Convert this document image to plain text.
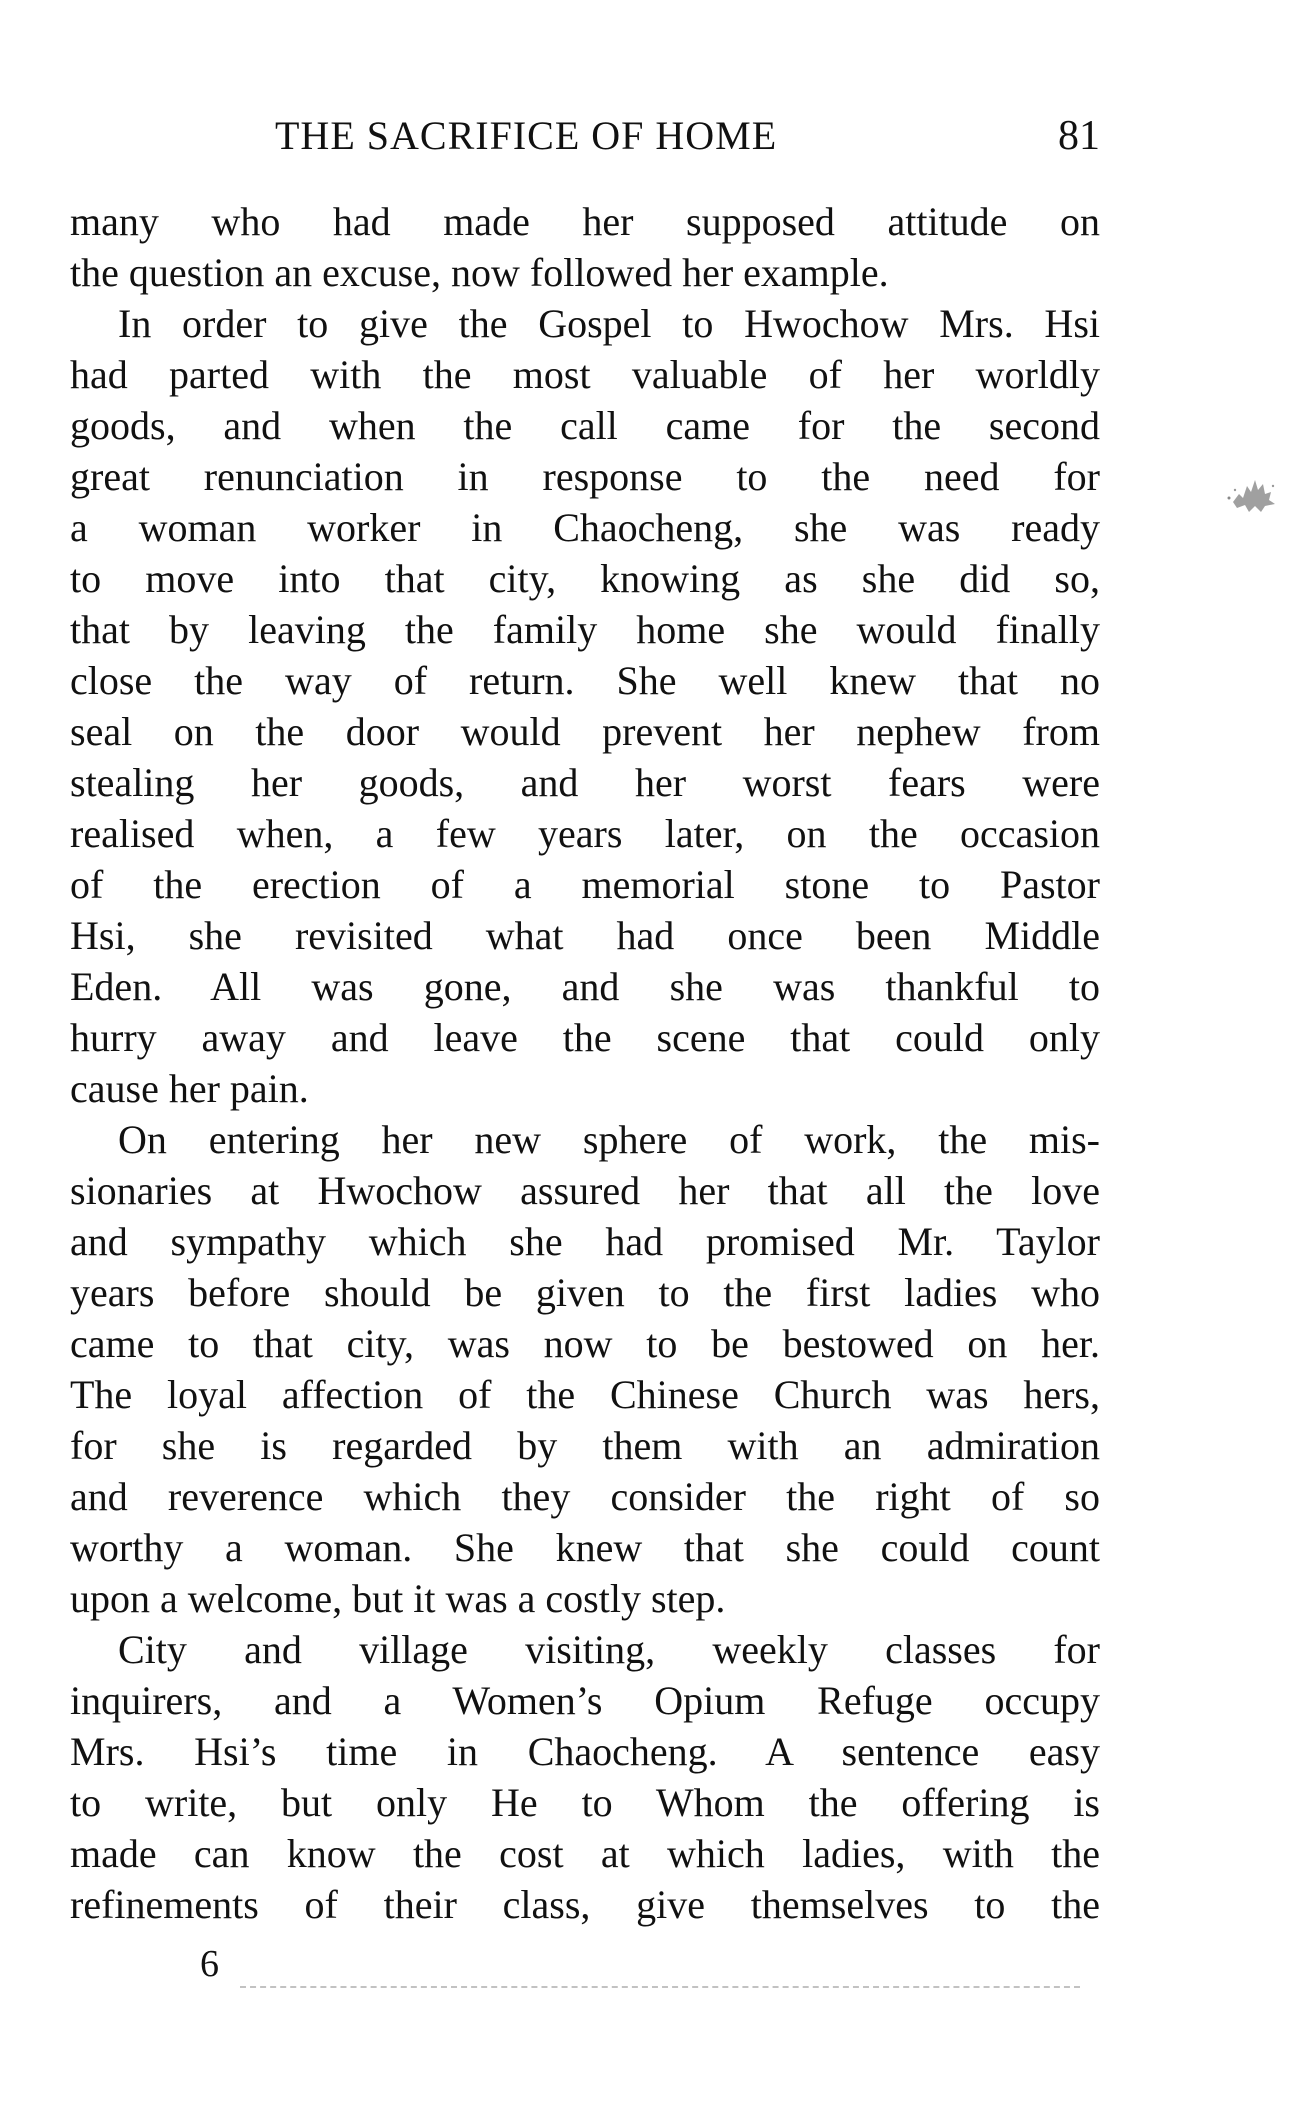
THE SACRIFICE OF HOME	81
many who had made her supposed attitude on
the question an excuse, now followed her example.
In order to give the Gospel to Hwochow Mrs. Hsi
had parted with the most valuable of her worldly
goods, and when the call came for the second
great renunciation in response to the need for
a woman worker in Chaocheng, she was ready
to move into that city, knowing as she did so,
that by leaving the family home she would finally
close the way of return. She well knew that no
seal on the door would prevent her nephew from
stealing her goods, and her worst fears were
realised when, a few years later, on the occasion
of the erection of a memorial stone to Pastor
Hsi, she revisited what had once been Middle
Eden. All was gone, and she was thankful to
hurry away and leave the scene that could only
cause her pain.
On entering her new sphere of work, the mis-
sionaries at Hwochow assured her that all the love
and sympathy which she had promised Mr. Taylor
years before should be given to the first ladies who
came to that city, was now to be bestowed on her.
The loyal affection of the Chinese Church was hers,
for she is regarded by them with an admiration
and reverence which they consider the right of so
worthy a woman. She knew that she could count
upon a welcome, but it was a costly step.
City and village visiting, weekly classes for
inquirers, and a Women’s Opium Refuge occupy
Mrs. Hsi’s time in Chaocheng. A sentence easy
to write, but only He to Whom the offering is
made can know the cost at which ladies, with the
refinements of their class, give themselves to the
6
